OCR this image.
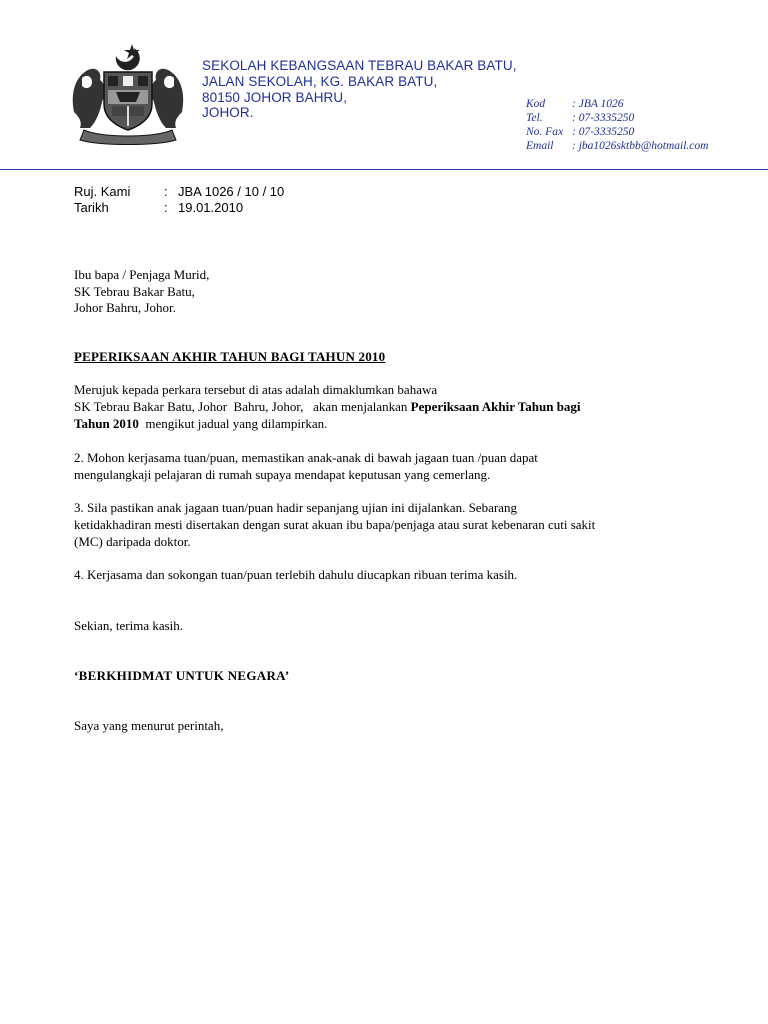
SEKOLAH KEBANGSAAN TEBRAU BAKAR BATU,
JALAN SEKOLAH, KG. BAKAR BATU,
80150 JOHOR BAHRU,
JOHOR.
Kod	: JBA 1026
Tel.	: 07-3335250
No. Fax	: 07-3335250
Email	: jba1026sktbb@hotmail.com
Ruj. Kami	: JBA 1026 / 10 / 10
Tarikh	: 19.01.2010
Ibu bapa / Penjaga Murid,
SK Tebrau Bakar Batu,
Johor Bahru, Johor.
PEPERIKSAAN AKHIR TAHUN BAGI TAHUN 2010
Merujuk kepada perkara tersebut di atas adalah dimaklumkan bahawa
SK Tebrau Bakar Batu, Johor  Bahru, Johor,   akan menjalankan Peperiksaan Akhir Tahun bagi
Tahun 2010  mengikut jadual yang dilampirkan.
2. Mohon kerjasama tuan/puan, memastikan anak-anak di bawah jagaan tuan /puan dapat
mengulangkaji pelajaran di rumah supaya mendapat keputusan yang cemerlang.
3. Sila pastikan anak jagaan tuan/puan hadir sepanjang ujian ini dijalankan. Sebarang
ketidakhadiran mesti disertakan dengan surat akuan ibu bapa/penjaga atau surat kebenaran cuti sakit
(MC) daripada doktor.
4. Kerjasama dan sokongan tuan/puan terlebih dahulu diucapkan ribuan terima kasih.
Sekian, terima kasih.
‘BERKHIDMAT UNTUK NEGARA’
Saya yang menurut perintah,
